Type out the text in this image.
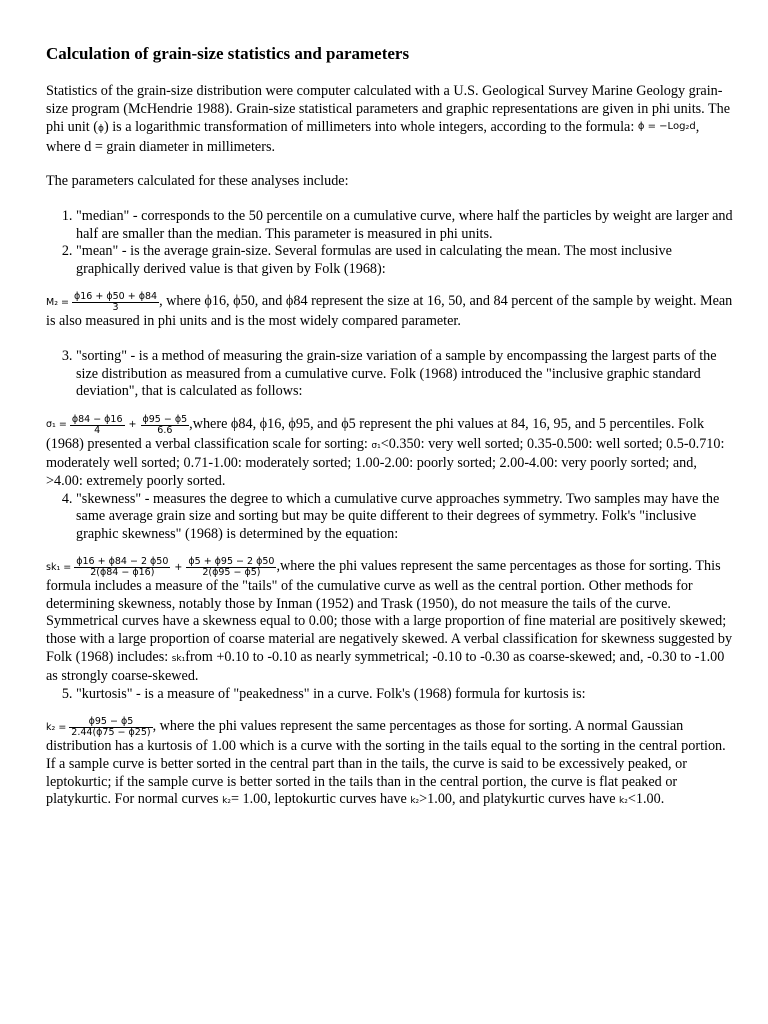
Calculation of grain-size statistics and parameters

Statistics of the grain-size distribution were computer calculated with a U.S. Geological Survey Marine Geology grain-size program (McHendrie 1988). Grain-size statistical parameters and graphic representations are given in phi units. The phi unit (ϕ) is a logarithmic transformation of millimeters into whole integers, according to the formula: ϕ = −Log₂d, where d = grain diameter in millimeters.

The parameters calculated for these analyses include:

1. "median" - corresponds to the 50 percentile on a cumulative curve, where half the particles by weight are larger and half are smaller than the median. This parameter is measured in phi units.
2. "mean" - is the average grain-size. Several formulas are used in calculating the mean. The most inclusive graphically derived value is that given by Folk (1968):
$M_2 = \frac{\phi 16 + \phi 50 + \phi 84}{3}$ , where ϕ16, ϕ50, and ϕ84 represent the size at 16, 50, and 84 percent of the sample by weight. Mean is also measured in phi units and is the most widely compared parameter.
3. "sorting" - is a method of measuring the grain-size variation of a sample by encompassing the largest parts of the size distribution as measured from a cumulative curve. Folk (1968) introduced the "inclusive graphic standard deviation", that is calculated as follows:
$\sigma_1 = \frac{\phi 84 - \phi 16}{4} + \frac{\phi 95 - \phi 5}{6.6}$ ,where ϕ84, ϕ16, ϕ95, and ϕ5 represent the phi values at 84, 16, 95, and 5 percentiles. Folk (1968) presented a verbal classification scale for sorting: σ₁<0.350: very well sorted; 0.35-0.500: well sorted; 0.5-0.710: moderately well sorted; 0.71-1.00: moderately sorted; 1.00-2.00: poorly sorted; 2.00-4.00: very poorly sorted; and, >4.00: extremely poorly sorted.
4. "skewness" - measures the degree to which a cumulative curve approaches symmetry. Two samples may have the same average grain size and sorting but may be quite different to their degrees of symmetry. Folk's "inclusive graphic skewness" (1968) is determined by the equation:
$sk_1 = \frac{\phi 16 + \phi 84 - 2 \phi 50}{2(\phi 84 - \phi 16)} + \frac{\phi 5 + \phi 95 - 2 \phi 50}{2(\phi 95 - \phi 5)}$ ,where the phi values represent the same percentages as those for sorting. This formula includes a measure of the "tails" of the cumulative curve as well as the central portion. Other methods for determining skewness, notably those by Inman (1952) and Trask (1950), do not measure the tails of the curve. Symmetrical curves have a skewness equal to 0.00; those with a large proportion of fine material are positively skewed; those with a large proportion of coarse material are negatively skewed. A verbal classification for skewness suggested by Folk (1968) includes: sk₁from +0.10 to -0.10 as nearly symmetrical; -0.10 to -0.30 as coarse-skewed; and, -0.30 to -1.00 as strongly coarse-skewed.
5. "kurtosis" - is a measure of "peakedness" in a curve. Folk's (1968) formula for kurtosis is:
$k_2 = \frac{\phi 95 - \phi 5}{2.44(\phi 75 - \phi 25)}$ , where the phi values represent the same percentages as those for sorting. A normal Gaussian distribution has a kurtosis of 1.00 which is a curve with the sorting in the tails equal to the sorting in the central portion. If a sample curve is better sorted in the central part than in the tails, the curve is said to be excessively peaked, or leptokurtic; if the sample curve is better sorted in the tails than in the central portion, the curve is flat peaked or platykurtic. For normal curves k₂= 1.00, leptokurtic curves have k₂>1.00, and platykurtic curves have k₂<1.00.
